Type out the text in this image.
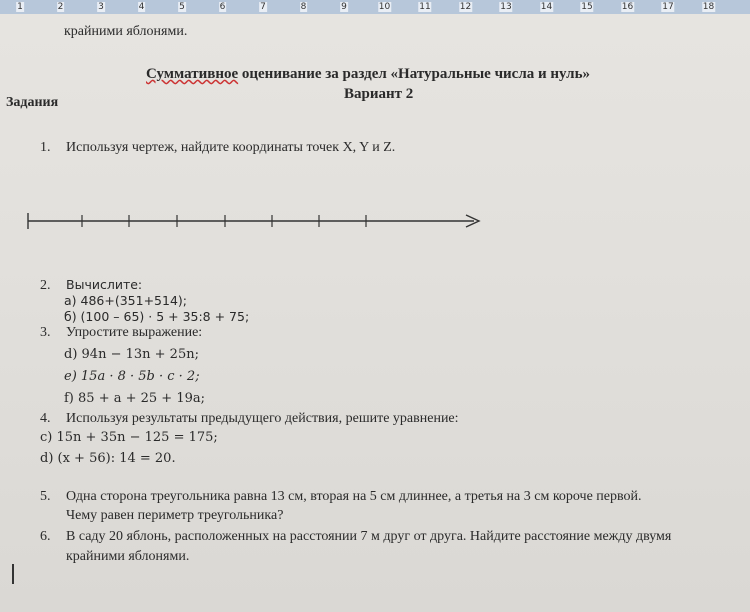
1	2	3	4	5	6	7	8	9	10	11	12	13	14	15	16	17	18
крайними яблонями.
Суммативное оценивание за раздел «Натуральные числа и нуль»
Вариант 2
Задания
1. Используя чертеж, найдите координаты точек X, Y и Z.
2. Вычислите:
а) 486+(351+514);
б) (100 – 65) · 5 + 35:8 + 75;
3. Упростите выражение:
d) 94n − 13n + 25n;
e) 15a · 8 · 5b · c · 2;
f) 85 + a + 25 + 19a;
4. Используя результаты предыдущего действия, решите уравнение:
c) 15n + 35n − 125 = 175;
d) (x + 56): 14 = 20.
5. Одна сторона треугольника равна 13 см, вторая на 5 см длиннее, а третья на 3 см короче первой.
Чему равен периметр треугольника?
6. В саду 20 яблонь, расположенных на расстоянии 7 м друг от друга. Найдите расстояние между двумя
крайними яблонями.
